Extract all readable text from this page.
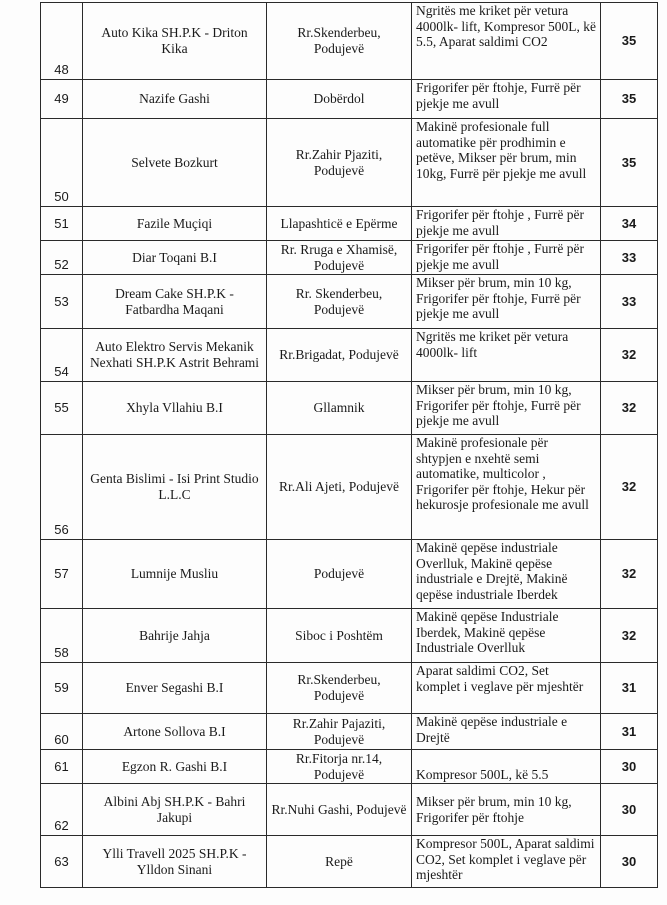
48	Auto Kika SH.P.K - Driton Kika	Rr.Skenderbeu, Podujevë	Ngritës me kriket për vetura 4000lk- lift, Kompresor 500L, kë 5.5, Aparat saldimi CO2	35
49	Nazife Gashi	Dobërdol	Frigorifer për ftohje, Furrë për pjekje me avull	35
50	Selvete Bozkurt	Rr.Zahir Pjaziti, Podujevë	Makinë profesionale full automatike për prodhimin e petëve, Mikser për brum, min 10kg, Furrë për pjekje me avull	35
51	Fazile Muçiqi	Llapashticë e Epërme	Frigorifer për ftohje , Furrë për pjekje me avull	34
52	Diar Toqani B.I	Rr. Rruga e Xhamisë, Podujevë	Frigorifer për ftohje , Furrë për pjekje me avull	33
53	Dream Cake SH.P.K - Fatbardha Maqani	Rr. Skenderbeu, Podujevë	Mikser për brum, min 10 kg, Frigorifer për ftohje, Furrë për pjekje me avull	33
54	Auto Elektro Servis Mekanik Nexhati SH.P.K Astrit Behrami	Rr.Brigadat, Podujevë	Ngritës me kriket për vetura 4000lk- lift	32
55	Xhyla Vllahiu B.I	Gllamnik	Mikser për brum, min 10 kg, Frigorifer për ftohje, Furrë për pjekje me avull	32
56	Genta Bislimi - Isi Print Studio L.L.C	Rr.Ali Ajeti, Podujevë	Makinë profesionale për shtypjen e nxehtë semi automatike, multicolor , Frigorifer për ftohje, Hekur për hekurosje profesionale me avull	32
57	Lumnije Musliu	Podujevë	Makinë qepëse industriale Overlluk, Makinë qepëse industriale e Drejtë, Makinë qepëse industriale Iberdek	32
58	Bahrije Jahja	Siboc i Poshtëm	Makinë qepëse Industriale Iberdek, Makinë qepëse Industriale Overlluk	32
59	Enver Segashi B.I	Rr.Skenderbeu, Podujevë	Aparat saldimi CO2, Set komplet i veglave për mjeshtër	31
60	Artone Sollova B.I	Rr.Zahir Pajaziti, Podujevë	Makinë qepëse industriale e Drejtë	31
61	Egzon R. Gashi B.I	Rr.Fitorja nr.14, Podujevë	Kompresor 500L, kë 5.5	30
62	Albini Abj SH.P.K - Bahri Jakupi	Rr.Nuhi Gashi, Podujevë	Mikser për brum, min 10 kg, Frigorifer për ftohje	30
63	Ylli Travell 2025 SH.P.K - Ylldon Sinani	Repë	Kompresor 500L, Aparat saldimi CO2, Set komplet i veglave për mjeshtër	30
